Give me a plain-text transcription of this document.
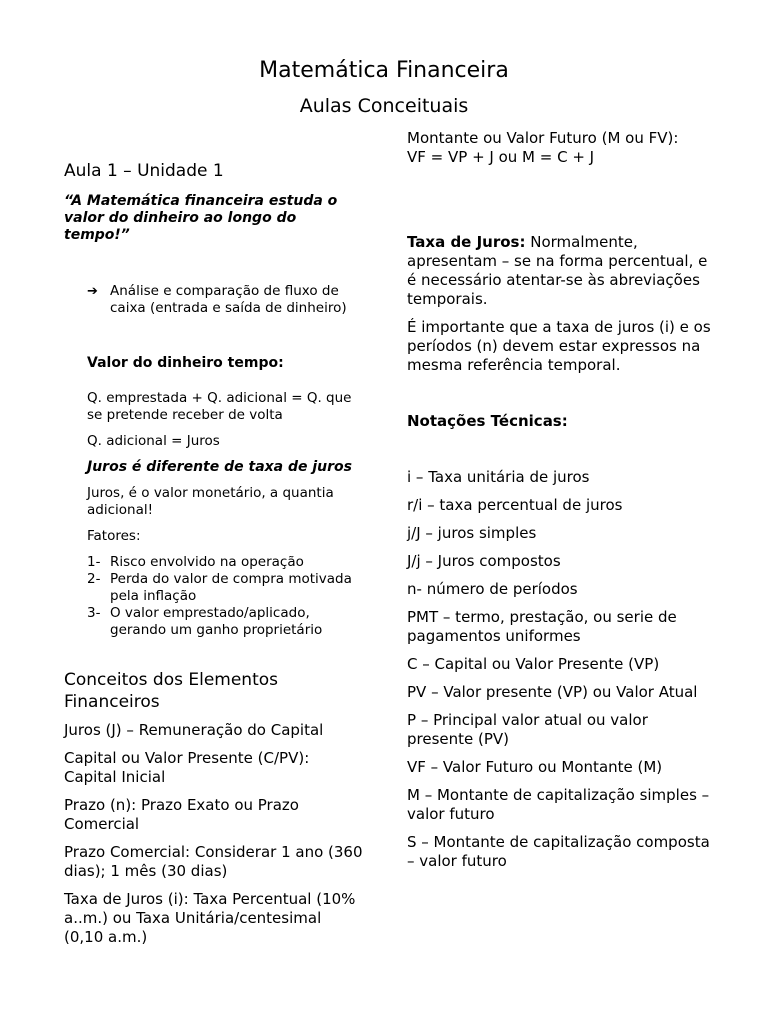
Matemática Financeira
Aulas Conceituais

Aula 1 – Unidade 1

“A Matemática financeira estuda o valor do dinheiro ao longo do tempo!”

➔ Análise e comparação de fluxo de caixa (entrada e saída de dinheiro)

Valor do dinheiro tempo:

Q. emprestada + Q. adicional = Q. que se pretende receber de volta

Q. adicional = Juros

Juros é diferente de taxa de juros

Juros, é o valor monetário, a quantia adicional!

Fatores:

1- Risco envolvido na operação
2- Perda do valor de compra motivada pela inflação
3- O valor emprestado/aplicado, gerando um ganho proprietário

Conceitos dos Elementos Financeiros

Juros (J) – Remuneração do Capital

Capital ou Valor Presente (C/PV): Capital Inicial

Prazo (n): Prazo Exato ou Prazo Comercial

Prazo Comercial: Considerar 1 ano (360 dias); 1 mês (30 dias)

Taxa de Juros (i): Taxa Percentual (10% a..m.) ou Taxa Unitária/centesimal (0,10 a.m.)

Montante ou Valor Futuro (M ou FV):

VF = VP + J ou M = C + J

Taxa de Juros: Normalmente, apresentam – se na forma percentual, e é necessário atentar-se às abreviações temporais.

É importante que a taxa de juros (i) e os períodos (n) devem estar expressos na mesma referência temporal.

Notações Técnicas:

i – Taxa unitária de juros

r/i – taxa percentual de juros

j/J – juros simples

J/j – Juros compostos

n- número de períodos

PMT – termo, prestação, ou serie de pagamentos uniformes

C – Capital ou Valor Presente (VP)

PV – Valor presente (VP) ou Valor Atual

P – Principal valor atual ou valor presente (PV)

VF – Valor Futuro ou Montante (M)

M – Montante de capitalização simples – valor futuro

S – Montante de capitalização composta – valor futuro
